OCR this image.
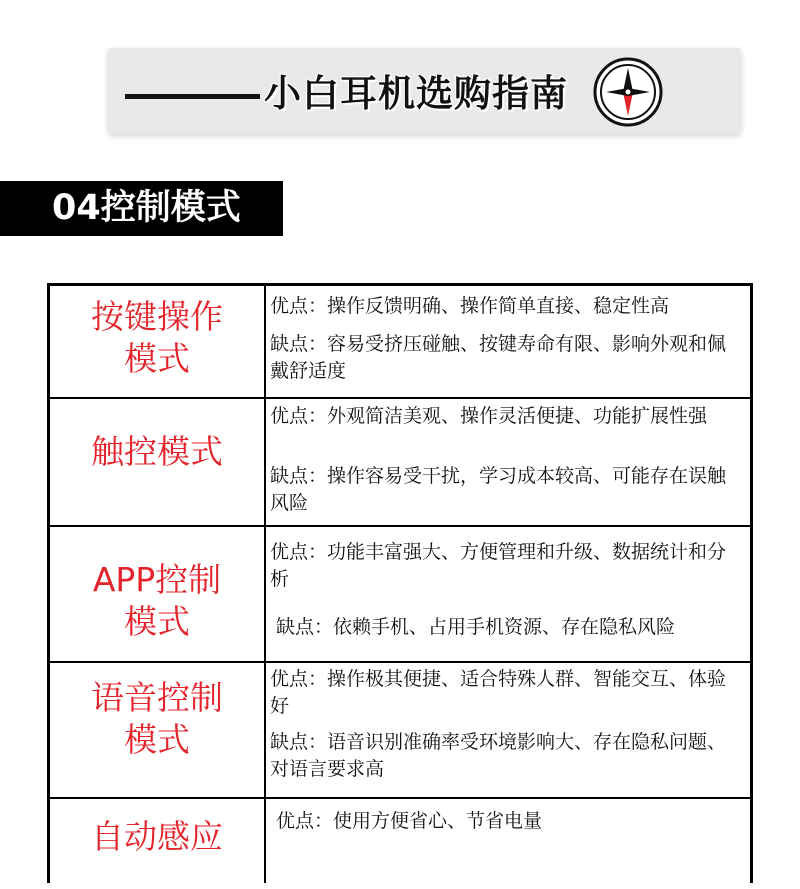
小白耳机选购指南
04控制模式
按键操作
模式
优点：操作反馈明确、操作简单直接、稳定性高
缺点：容易受挤压碰触、按键寿命有限、影响外观和佩戴舒适度
触控模式
优点：外观简洁美观、操作灵活便捷、功能扩展性强
缺点：操作容易受干扰，学习成本较高、可能存在误触风险
APP控制
模式
优点：功能丰富强大、方便管理和升级、数据统计和分析
缺点：依赖手机、占用手机资源、存在隐私风险
语音控制
模式
优点：操作极其便捷、适合特殊人群、智能交互、体验好
缺点：语音识别准确率受环境影响大、存在隐私问题、对语言要求高
自动感应	优点：使用方便省心、节省电量
